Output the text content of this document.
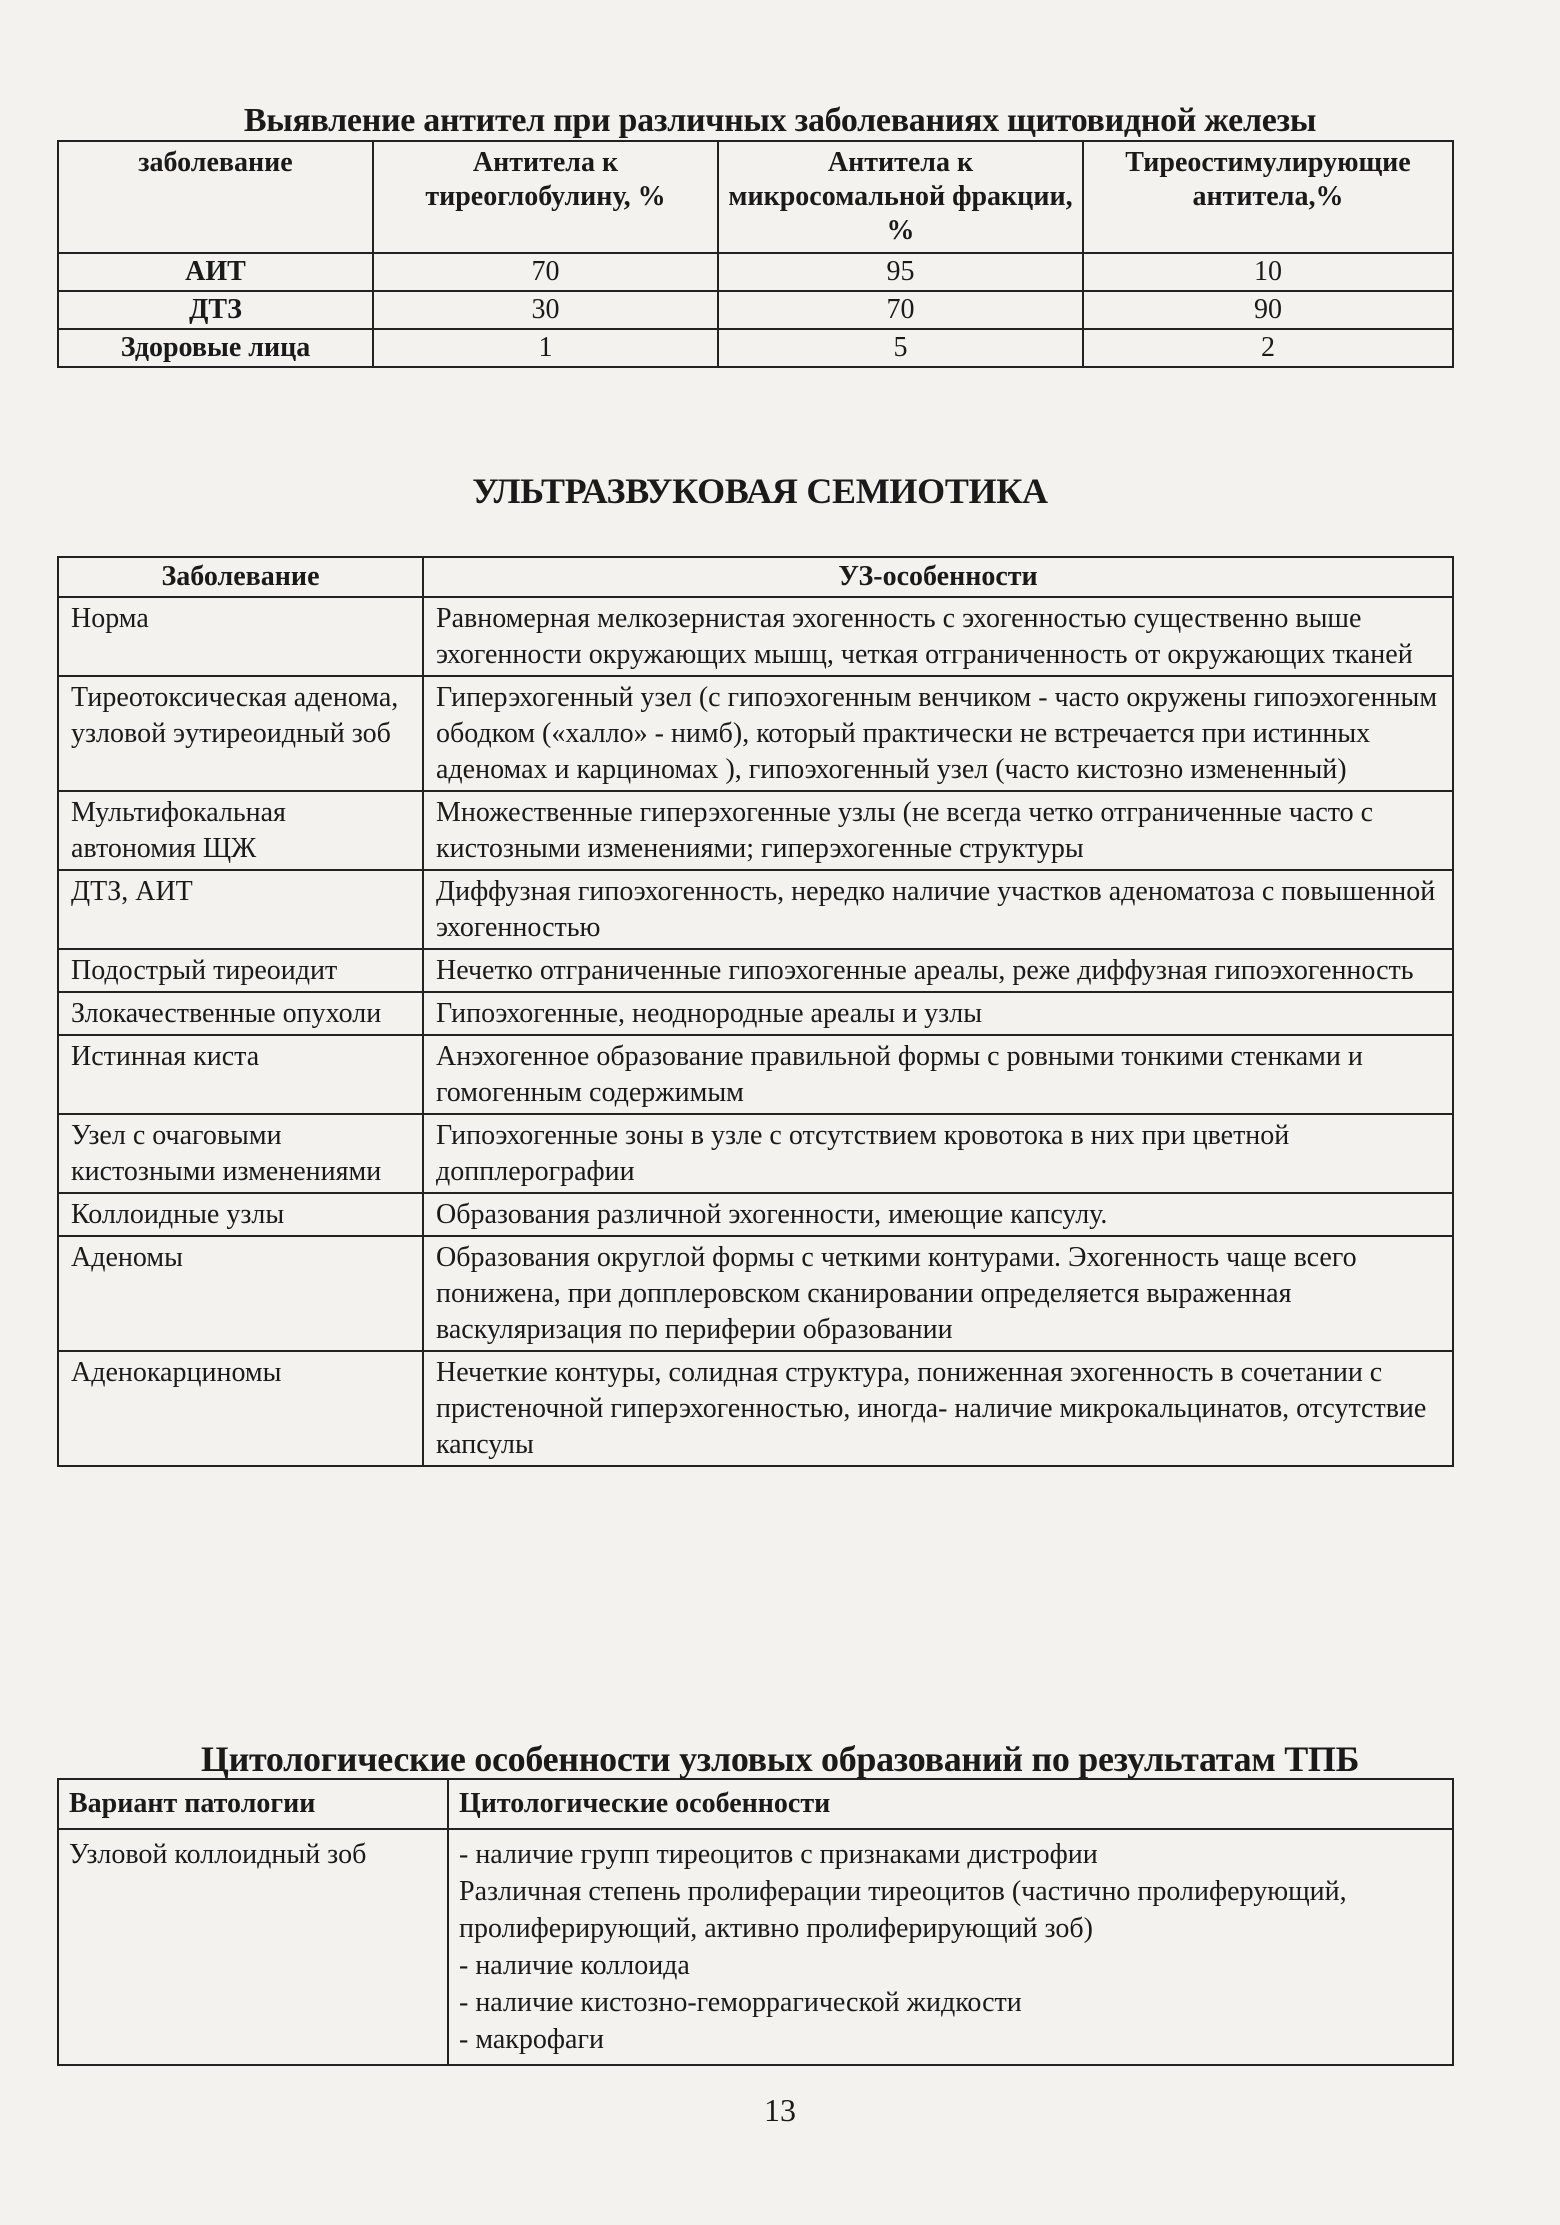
Выявление антител при различных заболеваниях щитовидной железы
заболевание	Антитела к тиреоглобулину, %	Антитела к микросомальной фракции, %	Тиреостимулирующие антитела,%
АИТ	70	95	10
ДТЗ	30	70	90
Здоровые лица	1	5	2
УЛЬТРАЗВУКОВАЯ СЕМИОТИКА
Заболевание	УЗ-особенности
Норма	Равномерная мелкозернистая эхогенность с эхогенностью существенно выше эхогенности окружающих мышц, четкая отграниченность от окружающих тканей
Тиреотоксическая аденома, узловой эутиреоидный зоб	Гиперэхогенный узел (с гипоэхогенным венчиком - часто окружены гипоэхогенным ободком («халло» - нимб), который практически не встречается при истинных аденомах и карциномах ), гипоэхогенный узел (часто кистозно измененный)
Мультифокальная автономия ЩЖ	Множественные гиперэхогенные узлы (не всегда четко отграниченные часто с кистозными изменениями; гиперэхогенные структуры
ДТЗ, АИТ	Диффузная гипоэхогенность, нередко наличие участков аденоматоза с повышенной эхогенностью
Подострый тиреоидит	Нечетко отграниченные гипоэхогенные ареалы, реже диффузная гипоэхогенность
Злокачественные опухоли	Гипоэхогенные, неоднородные ареалы и узлы
Истинная киста	Анэхогенное образование правильной формы с ровными тонкими стенками и гомогенным содержимым
Узел с очаговыми кистозными изменениями	Гипоэхогенные зоны в узле с отсутствием кровотока в них при цветной допплерографии
Коллоидные узлы	Образования различной эхогенности, имеющие капсулу.
Аденомы	Образования округлой формы с четкими контурами. Эхогенность чаще всего понижена, при допплеровском сканировании определяется выраженная васкуляризация по периферии образовании
Аденокарциномы	Нечеткие контуры, солидная структура, пониженная эхогенность в сочетании с пристеночной гиперэхогенностью, иногда- наличие микрокальцинатов, отсутствие капсулы
Цитологические особенности узловых образований по результатам ТПБ
Вариант патологии	Цитологические особенности
Узловой коллоидный зоб	- наличие групп тиреоцитов с признаками дистрофии
Различная степень пролиферации тиреоцитов (частично пролиферующий, пролиферирующий, активно пролиферирующий зоб)
- наличие коллоида
- наличие кистозно-геморрагической жидкости
- макрофаги
13
